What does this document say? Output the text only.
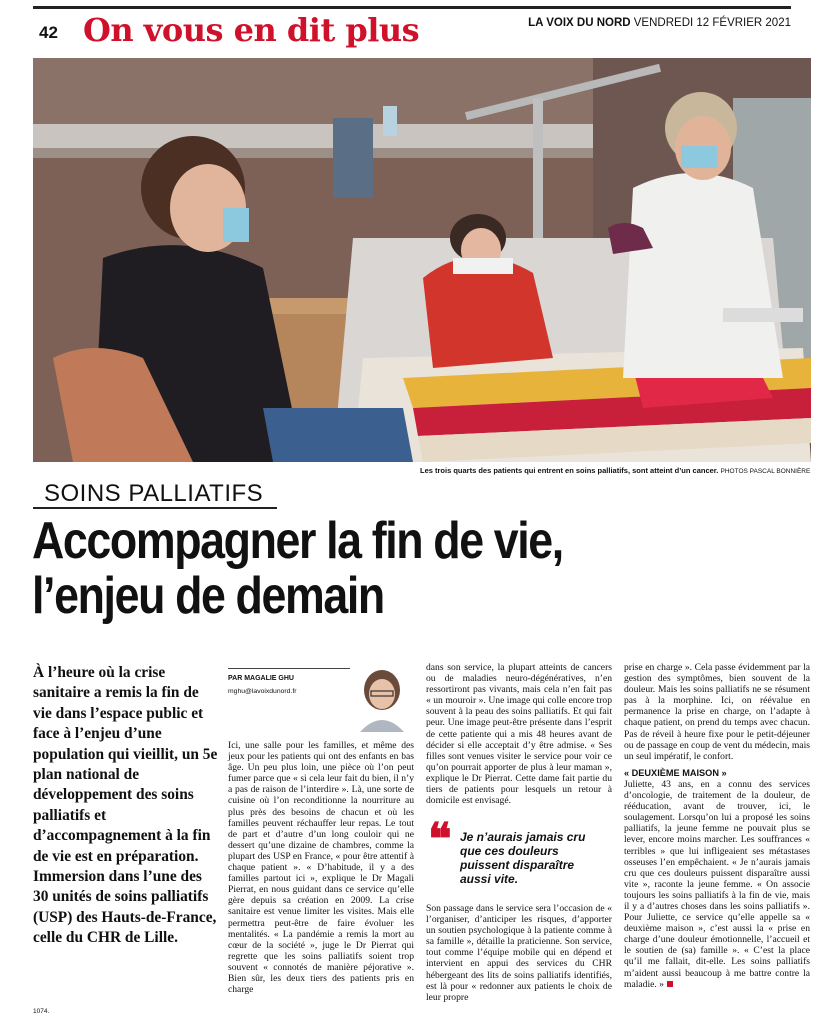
42 On vous en dit plus	LA VOIX DU NORD VENDREDI 12 FÉVRIER 2021
Les trois quarts des patients qui entrent en soins palliatifs, sont atteint d’un cancer. PHOTOS PASCAL BONNIÈRE
SOINS PALLIATIFS
Accompagner la fin de vie,
l’enjeu de demain
À l’heure où la crise sanitaire a remis la fin de vie dans l’espace public et face à l’enjeu d’une population qui vieillit, un 5e plan national de développement des soins palliatifs et d’accompagnement à la fin de vie est en préparation. Immersion dans l’une des 30 unités de soins palliatifs (USP) des Hauts-de-France, celle du CHR de Lille.
PAR MAGALIE GHU
mghu@lavoixdunord.fr

Ici, une salle pour les familles, et même des jeux pour les patients qui ont des enfants en bas âge. Un peu plus loin, une pièce où l’on peut fumer parce que « si cela leur fait du bien, il n’y a pas de raison de l’interdire ». Là, une sorte de cuisine où l’on reconditionne la nourriture au plus près des besoins de chacun et où les familles peuvent réchauffer leur repas. Le tout de part et d’autre d’un long couloir qui ne dessert qu’une dizaine de chambres, comme la plupart des USP en France, « pour être attentif à chaque patient ». « D’habitude, il y a des familles partout ici », explique le Dr Magali Pierrat, en nous guidant dans ce service qu’elle gère depuis sa création en 2009. La crise sanitaire est venue limiter les visites. Mais elle permettra peut-être de faire évoluer les mentalités. « La pandémie a remis la mort au cœur de la société », juge le Dr Pierrat qui regrette que les soins palliatifs soient trop souvent « connotés de manière péjorative ». Bien sûr, les deux tiers des patients pris en charge

dans son service, la plupart atteints de cancers ou de maladies neuro-dégénératives, n’en ressortiront pas vivants, mais cela n’en fait pas « un mouroir ». Une image qui colle encore trop souvent à la peau des soins palliatifs. Et qui fait peur. Une image peut-être présente dans l’esprit de cette patiente qui a mis 48 heures avant de décider si elle acceptait d’y être admise. « Ses filles sont venues visiter le service pour voir ce qu’on pourrait apporter de plus à leur maman », explique le Dr Pierrat. Cette dame fait partie du tiers de patients pour lesquels un retour à domicile est envisagé.

❝ Je n’aurais jamais cru que ces douleurs puissent disparaître aussi vite.

Son passage dans le service sera l’occasion de « l’organiser, d’anticiper les risques, d’apporter un soutien psychologique à la patiente comme à sa famille », détaille la praticienne. Son service, tout comme l’équipe mobile qui en dépend et intervient en appui des services du CHR hébergeant des lits de soins palliatifs identifiés, est là pour « redonner aux patients le choix de leur propre

prise en charge ». Cela passe évidemment par la gestion des symptômes, bien souvent de la douleur. Mais les soins palliatifs ne se résument pas à la morphine. Ici, on réévalue en permanence la prise en charge, on l’adapte à chaque patient, on prend du temps avec chacun. Pas de réveil à heure fixe pour le petit-déjeuner ou de passage en coup de vent du médecin, mais un seul impératif, le confort.

« DEUXIÈME MAISON »

Juliette, 43 ans, en a connu des services d’oncologie, de traitement de la douleur, de rééducation, avant de trouver, ici, le soulagement. Lorsqu’on lui a proposé les soins palliatifs, la jeune femme ne pouvait plus se lever, encore moins marcher. Les souffrances « terribles » que lui infligeaient ses métastases osseuses l’en empêchaient. « Je n’aurais jamais cru que ces douleurs puissent disparaître aussi vite », raconte la jeune femme. « On associe toujours les soins palliatifs à la fin de vie, mais il y a d’autres choses dans les soins palliatifs ». Pour Juliette, ce service qu’elle appelle sa « deuxième maison », c’est aussi la « prise en charge d’une douleur émotionnelle, l’accueil et le soutien de (sa) famille ». « C’est la place qu’il me fallait, dit-elle. Les soins palliatifs m’aident aussi beaucoup à me battre contre la maladie. »

1074.
